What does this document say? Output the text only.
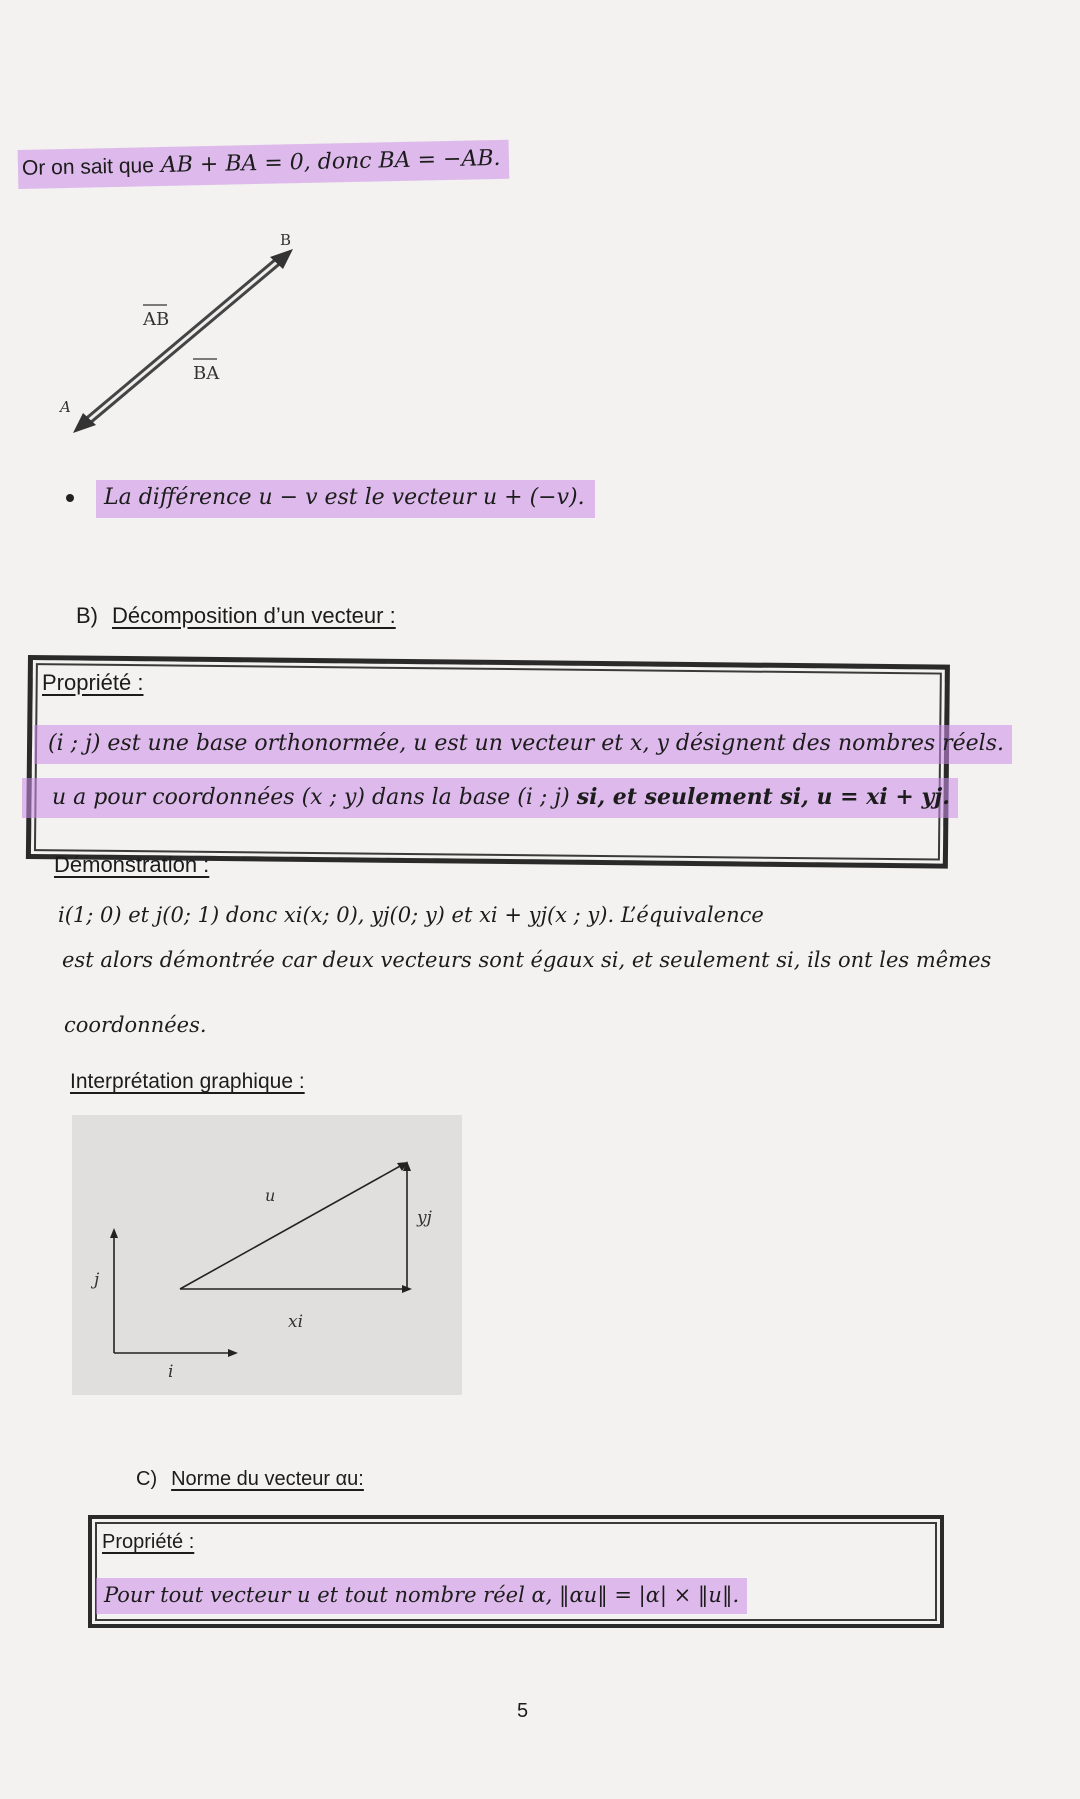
Or on sait que AB + BA = 0, donc BA = −AB.
A
B
AB
BA
La différence u − v est le vecteur u + (−v).
B) Décomposition d’un vecteur :
Propriété :
(i ; j) est une base orthonormée, u est un vecteur et x, y désignent des nombres réels.
u a pour coordonnées (x ; y) dans la base (i ; j) si, et seulement si, u = xi + yj.
Démonstration :
i(1; 0) et j(0; 1) donc xi(x; 0), yj(0; y) et xi + yj(x ; y). L’équivalence
est alors démontrée car deux vecteurs sont égaux si, et seulement si, ils ont les mêmes
coordonnées.
Interprétation graphique :
u
yj
xi
j
i
C) Norme du vecteur αu:
Propriété :
Pour tout vecteur u et tout nombre réel α, ‖αu‖ = |α| × ‖u‖.
5
